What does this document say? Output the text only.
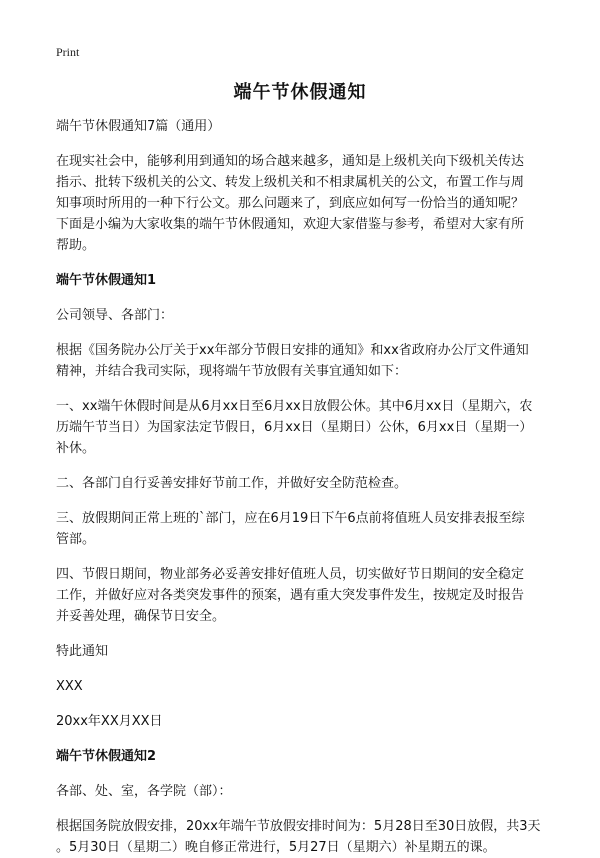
Print
端午节休假通知

端午节休假通知7篇（通用）

在现实社会中，能够利用到通知的场合越来越多，通知是上级机关向下级机关传达
指示、批转下级机关的公文、转发上级机关和不相隶属机关的公文，布置工作与周
知事项时所用的一种下行公文。那么问题来了，到底应如何写一份恰当的通知呢？
下面是小编为大家收集的端午节休假通知，欢迎大家借鉴与参考，希望对大家有所
帮助。

端午节休假通知1

公司领导、各部门：

根据《国务院办公厅关于xx年部分节假日安排的通知》和xx省政府办公厅文件通知
精神，并结合我司实际，现将端午节放假有关事宜通知如下：

一、xx端午休假时间是从6月xx日至6月xx日放假公休。其中6月xx日（星期六，农
历端午节当日）为国家法定节假日，6月xx日（星期日）公休，6月xx日（星期一）
补休。

二、各部门自行妥善安排好节前工作，并做好安全防范检查。

三、放假期间正常上班的`部门，应在6月19日下午6点前将值班人员安排表报至综
管部。

四、节假日期间，物业部务必妥善安排好值班人员，切实做好节日期间的安全稳定
工作，并做好应对各类突发事件的预案，遇有重大突发事件发生，按规定及时报告
并妥善处理，确保节日安全。

特此通知

XXX

20xx年XX月XX日

端午节休假通知2

各部、处、室，各学院（部）：

根据国务院放假安排，20xx年端午节放假安排时间为：5月28日至30日放假，共3天
。5月30日（星期二）晚自修正常进行，5月27日（星期六）补星期五的课。
